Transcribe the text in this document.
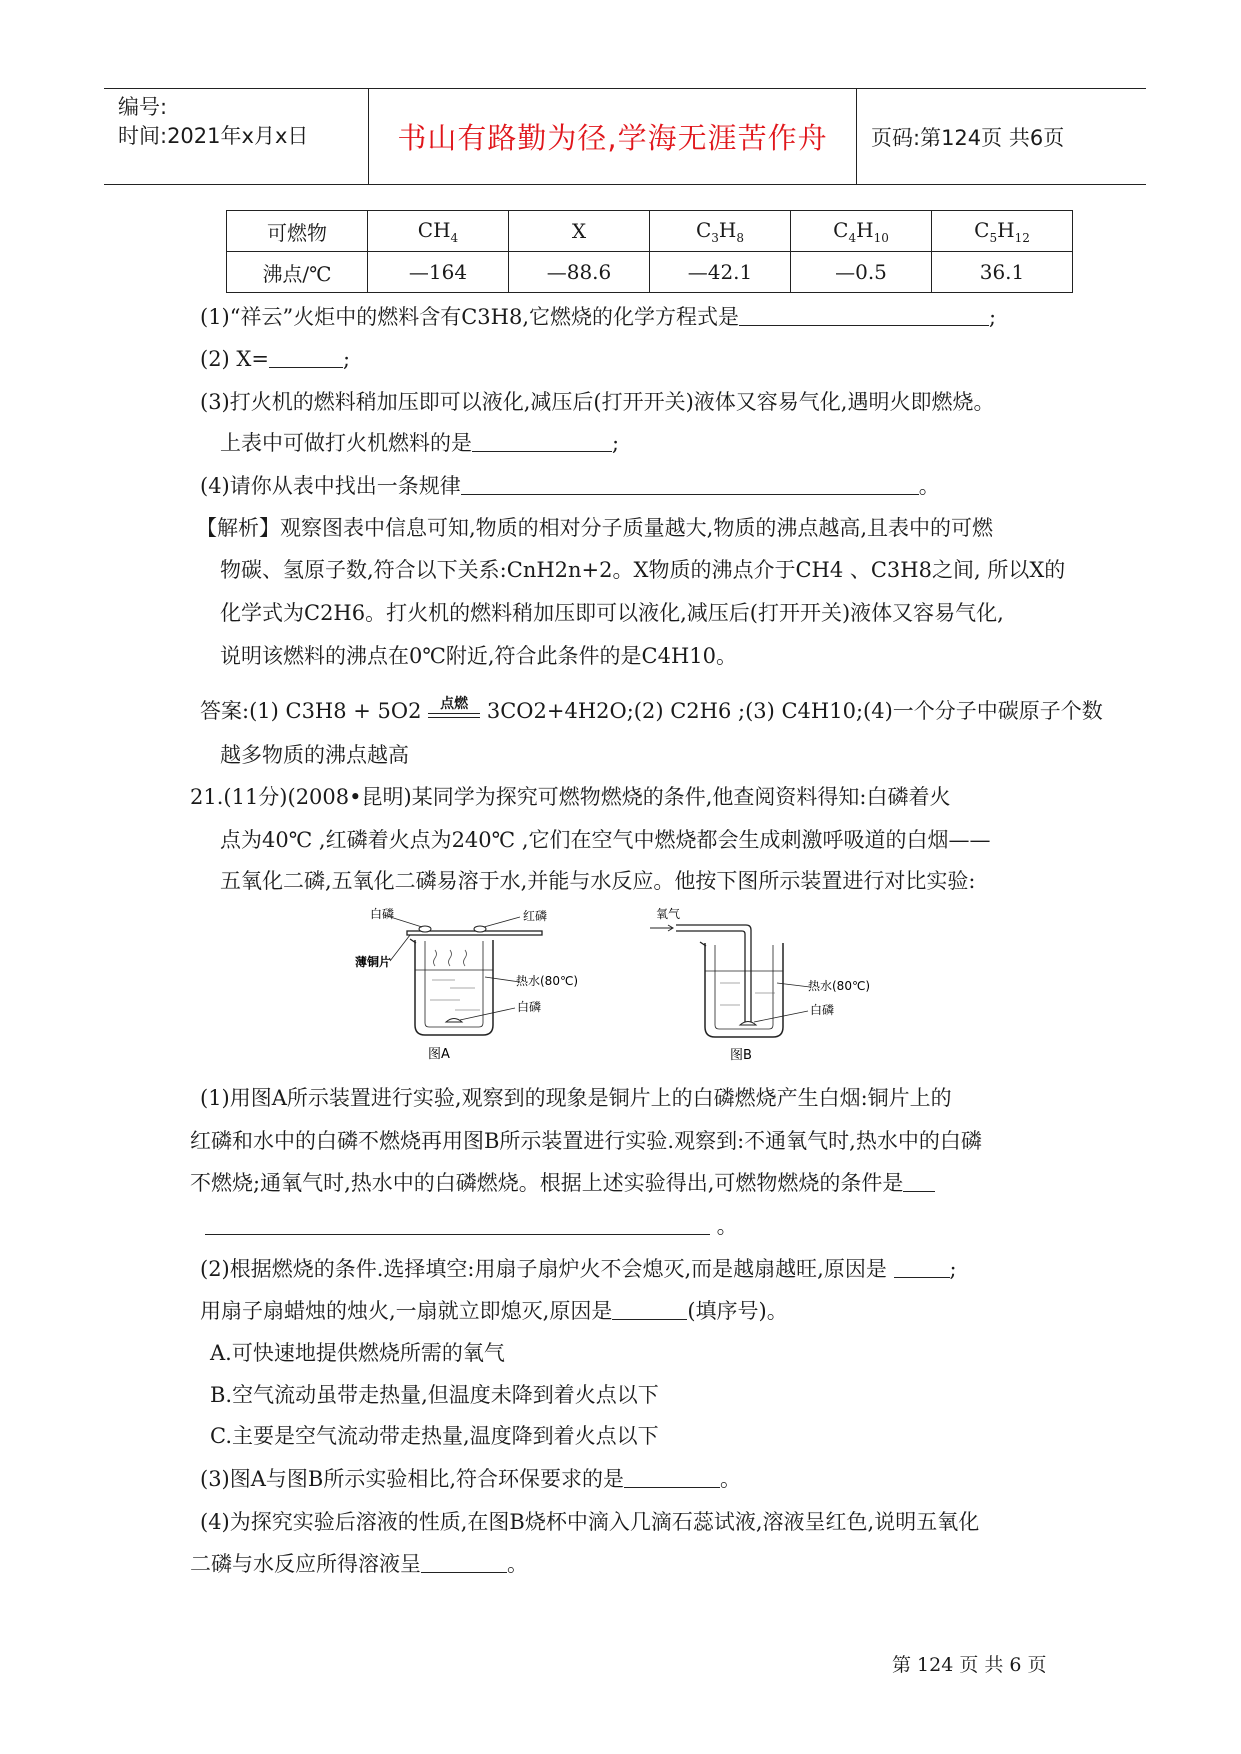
编号:
时间:2021年x月x日	书山有路勤为径,学海无涯苦作舟 页码:第124页 共6页
可燃物	$CH_4$	X	$C_3H_8$	$C_4H_{10}$	$C_5H_{12}$
沸点/℃	—164	—88.6	—42.1	—0.5	36.1
(1)“祥云”火炬中的燃料含有C3H8,它燃烧的化学方程式是	;
(2) X=	;
(3)打火机的燃料稍加压即可以液化,减压后(打开开关)液体又容易气化,遇明火即燃烧。
上表中可做打火机燃料的是	;
(4)请你从表中找出一条规律	。
【解析】观察图表中信息可知,物质的相对分子质量越大,物质的沸点越高,且表中的可燃
物碳、氢原子数,符合以下关系:CnH2n+2。X物质的沸点介于CH4 、C3H8之间, 所以X的
化学式为C2H6。打火机的燃料稍加压即可以液化,减压后(打开开关)液体又容易气化,
说明该燃料的沸点在0℃附近,符合此条件的是C4H10。
答案:(1) C3H8 + 5O2	点燃 3CO2+4H2O;(2) C2H6 ;(3) C4H10;(4)一个分子中碳原子个数
越多物质的沸点越高
21.(11分)(2008•昆明)某同学为探究可燃物燃烧的条件,他查阅资料得知:白磷着火
点为40℃ ,红磷着火点为240℃ ,它们在空气中燃烧都会生成刺激呼吸道的白烟——
五氧化二磷,五氧化二磷易溶于水,并能与水反应。他按下图所示装置进行对比实验:
白磷	红磷
薄铜片
热水(80℃)
白磷
图A
氧气
热水(80℃)
白磷
图B
(1)用图A所示装置进行实验,观察到的现象是铜片上的白磷燃烧产生白烟:铜片上的
红磷和水中的白磷不燃烧再用图B所示装置进行实验.观察到:不通氧气时,热水中的白磷
不燃烧;通氧气时,热水中的白磷燃烧。根据上述实验得出,可燃物燃烧的条件是
。
(2)根据燃烧的条件.选择填空:用扇子扇炉火不会熄灭,而是越扇越旺,原因是	;
用扇子扇蜡烛的烛火,一扇就立即熄灭,原因是	(填序号)。
A.可快速地提供燃烧所需的氧气
B.空气流动虽带走热量,但温度未降到着火点以下
C.主要是空气流动带走热量,温度降到着火点以下
(3)图A与图B所示实验相比,符合环保要求的是	。
(4)为探究实验后溶液的性质,在图B烧杯中滴入几滴石蕊试液,溶液呈红色,说明五氧化
二磷与水反应所得溶液呈	。
第 124 页 共 6 页
